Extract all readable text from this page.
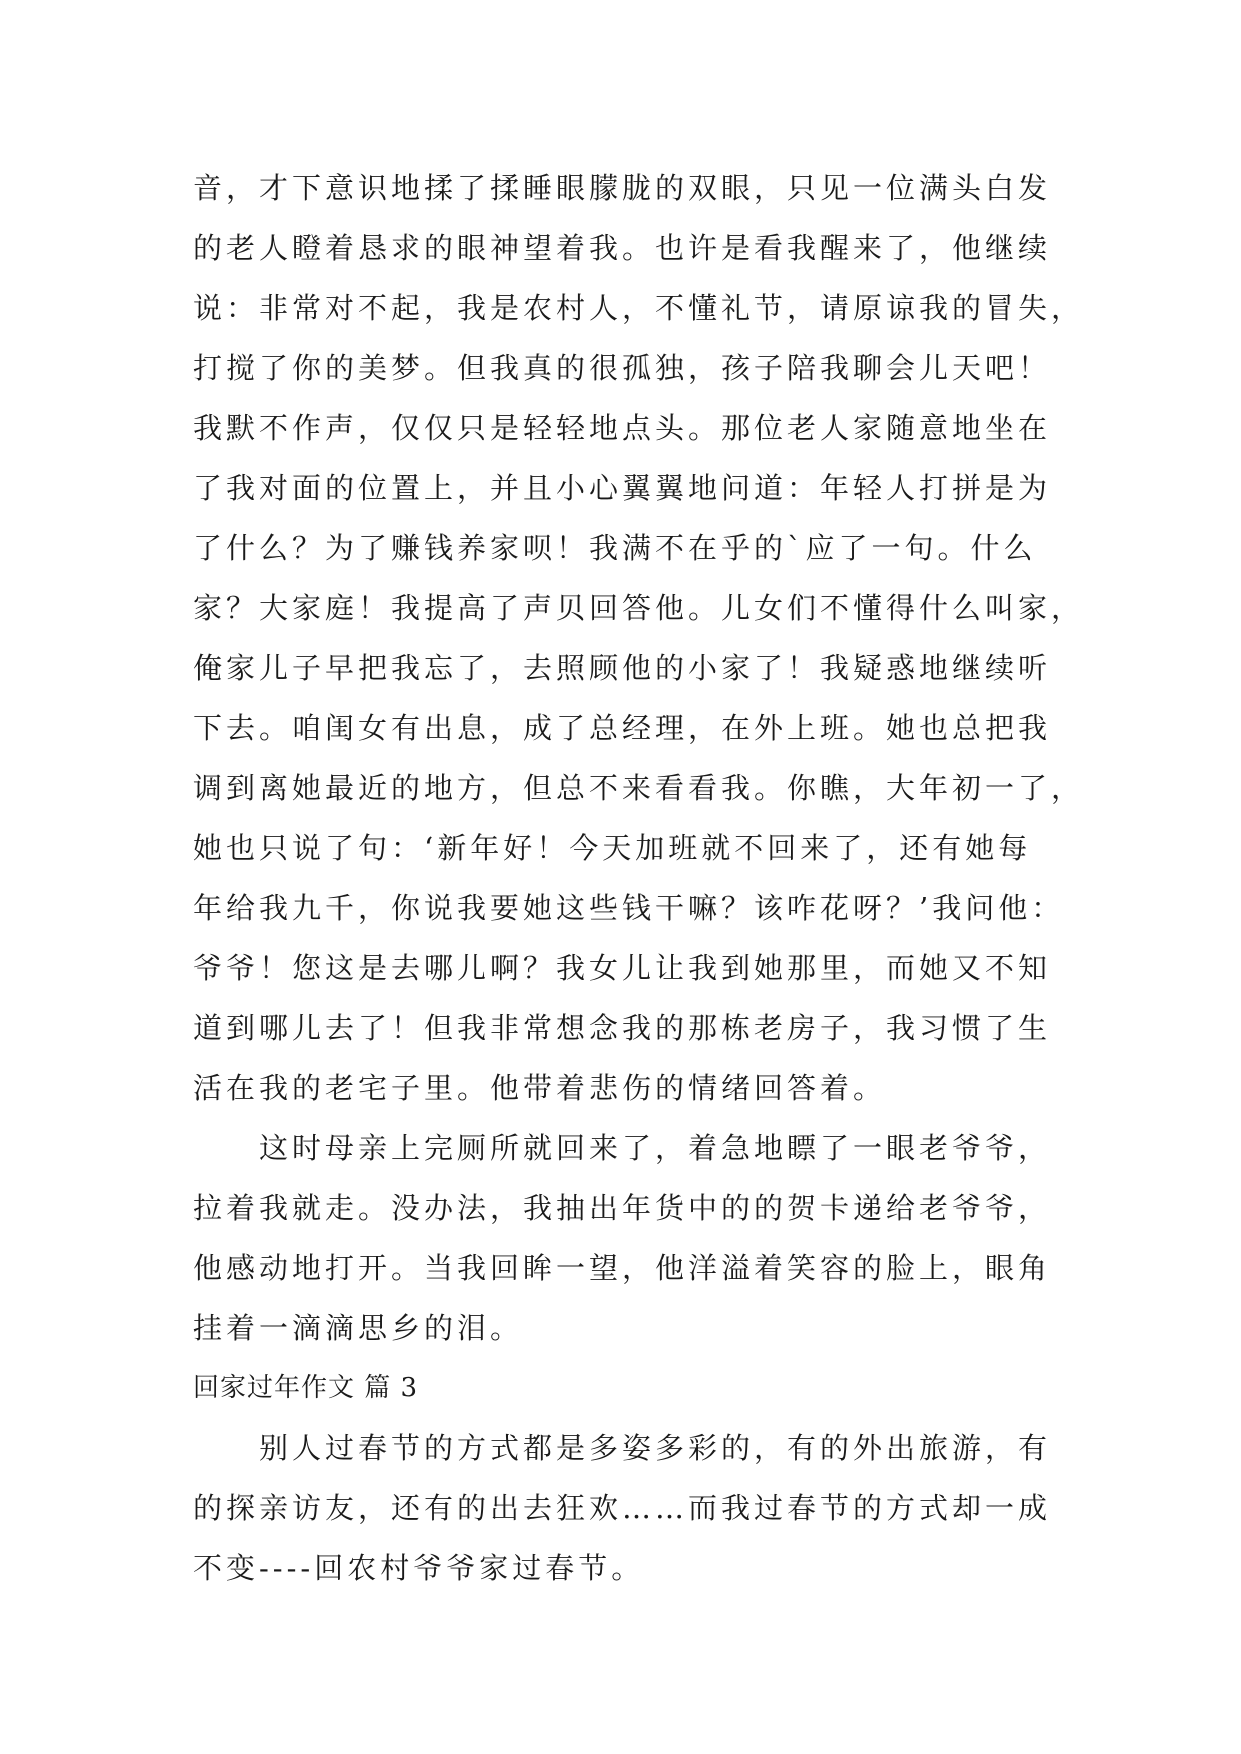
音，才下意识地揉了揉睡眼朦胧的双眼，只见一位满头白发
的老人瞪着恳求的眼神望着我。也许是看我醒来了，他继续
说：非常对不起，我是农村人，不懂礼节，请原谅我的冒失，
打搅了你的美梦。但我真的很孤独，孩子陪我聊会儿天吧！
我默不作声，仅仅只是轻轻地点头。那位老人家随意地坐在
了我对面的位置上，并且小心翼翼地问道：年轻人打拼是为
了什么？为了赚钱养家呗！我满不在乎的`应了一句。什么
家？大家庭！我提高了声贝回答他。儿女们不懂得什么叫家，
俺家儿子早把我忘了，去照顾他的小家了！我疑惑地继续听
下去。咱闺女有出息，成了总经理，在外上班。她也总把我
调到离她最近的地方，但总不来看看我。你瞧，大年初一了，
她也只说了句：‘新年好！今天加班就不回来了，还有她每
年给我九千，你说我要她这些钱干嘛？该咋花呀？’我问他：
爷爷！您这是去哪儿啊？我女儿让我到她那里，而她又不知
道到哪儿去了！但我非常想念我的那栋老房子，我习惯了生
活在我的老宅子里。他带着悲伤的情绪回答着。
这时母亲上完厕所就回来了，着急地瞟了一眼老爷爷，
拉着我就走。没办法，我抽出年货中的的贺卡递给老爷爷，
他感动地打开。当我回眸一望，他洋溢着笑容的脸上，眼角
挂着一滴滴思乡的泪。
回家过年作文 篇 3
别人过春节的方式都是多姿多彩的，有的外出旅游，有
的探亲访友，还有的出去狂欢……而我过春节的方式却一成
不变----回农村爷爷家过春节。
